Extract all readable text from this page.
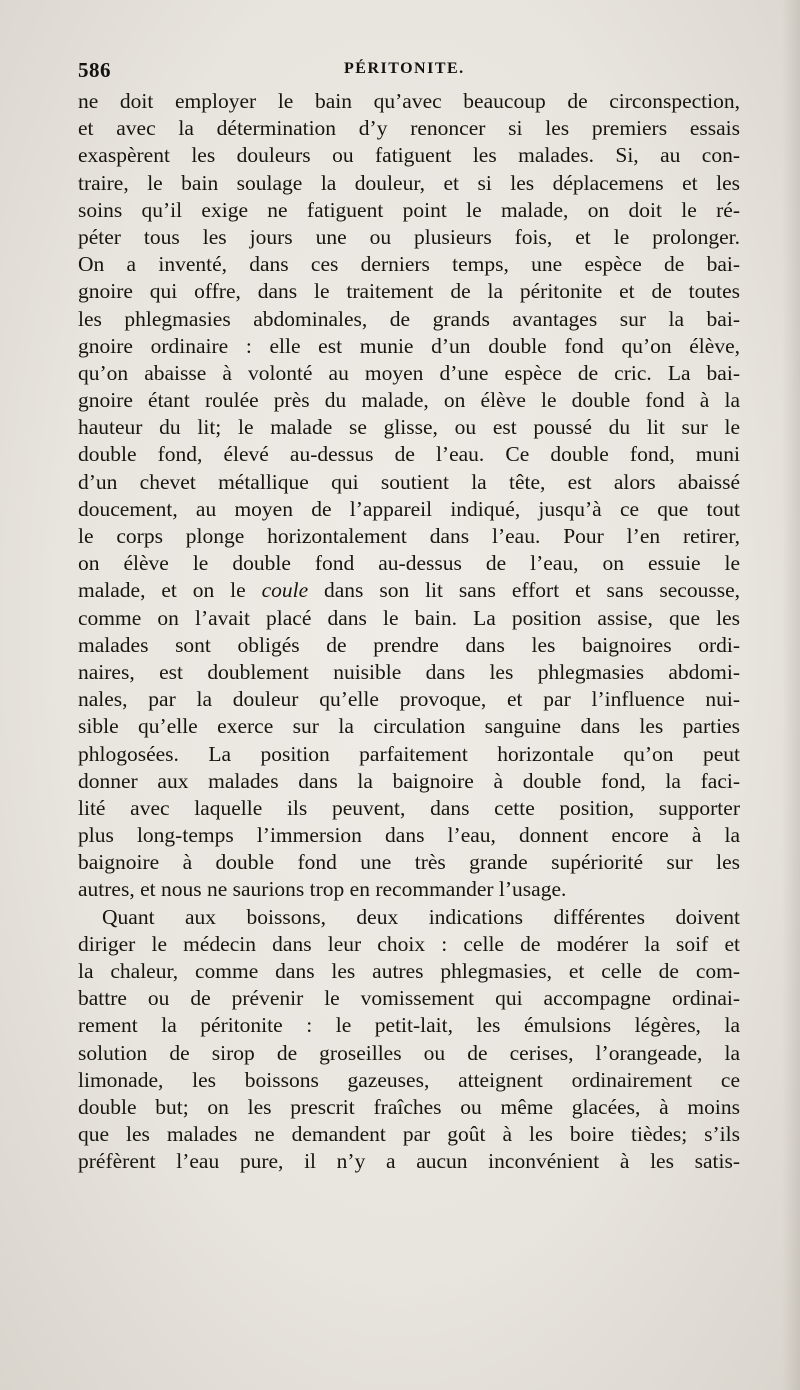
586	PÉRITONITE.
ne doit employer le bain qu’avec beaucoup de circonspection,
et avec la détermination d’y renoncer si les premiers essais
exaspèrent les douleurs ou fatiguent les malades. Si, au con-
traire, le bain soulage la douleur, et si les déplacemens et les
soins qu’il exige ne fatiguent point le malade, on doit le ré-
péter tous les jours une ou plusieurs fois, et le prolonger.
On a inventé, dans ces derniers temps, une espèce de bai-
gnoire qui offre, dans le traitement de la péritonite et de toutes
les phlegmasies abdominales, de grands avantages sur la bai-
gnoire ordinaire : elle est munie d’un double fond qu’on élève,
qu’on abaisse à volonté au moyen d’une espèce de cric. La bai-
gnoire étant roulée près du malade, on élève le double fond à la
hauteur du lit; le malade se glisse, ou est poussé du lit sur le
double fond, élevé au-dessus de l’eau. Ce double fond, muni
d’un chevet métallique qui soutient la tête, est alors abaissé
doucement, au moyen de l’appareil indiqué, jusqu’à ce que tout
le corps plonge horizontalement dans l’eau. Pour l’en retirer,
on élève le double fond au-dessus de l’eau, on essuie le
malade, et on le coule dans son lit sans effort et sans secousse,
comme on l’avait placé dans le bain. La position assise, que les
malades sont obligés de prendre dans les baignoires ordi-
naires, est doublement nuisible dans les phlegmasies abdomi-
nales, par la douleur qu’elle provoque, et par l’influence nui-
sible qu’elle exerce sur la circulation sanguine dans les parties
phlogosées. La position parfaitement horizontale qu’on peut
donner aux malades dans la baignoire à double fond, la faci-
lité avec laquelle ils peuvent, dans cette position, supporter
plus long-temps l’immersion dans l’eau, donnent encore à la
baignoire à double fond une très grande supériorité sur les
autres, et nous ne saurions trop en recommander l’usage.
Quant aux boissons, deux indications différentes doivent
diriger le médecin dans leur choix : celle de modérer la soif et
la chaleur, comme dans les autres phlegmasies, et celle de com-
battre ou de prévenir le vomissement qui accompagne ordinai-
rement la péritonite : le petit-lait, les émulsions légères, la
solution de sirop de groseilles ou de cerises, l’orangeade, la
limonade, les boissons gazeuses, atteignent ordinairement ce
double but; on les prescrit fraîches ou même glacées, à moins
que les malades ne demandent par goût à les boire tièdes; s’ils
préfèrent l’eau pure, il n’y a aucun inconvénient à les satis-
